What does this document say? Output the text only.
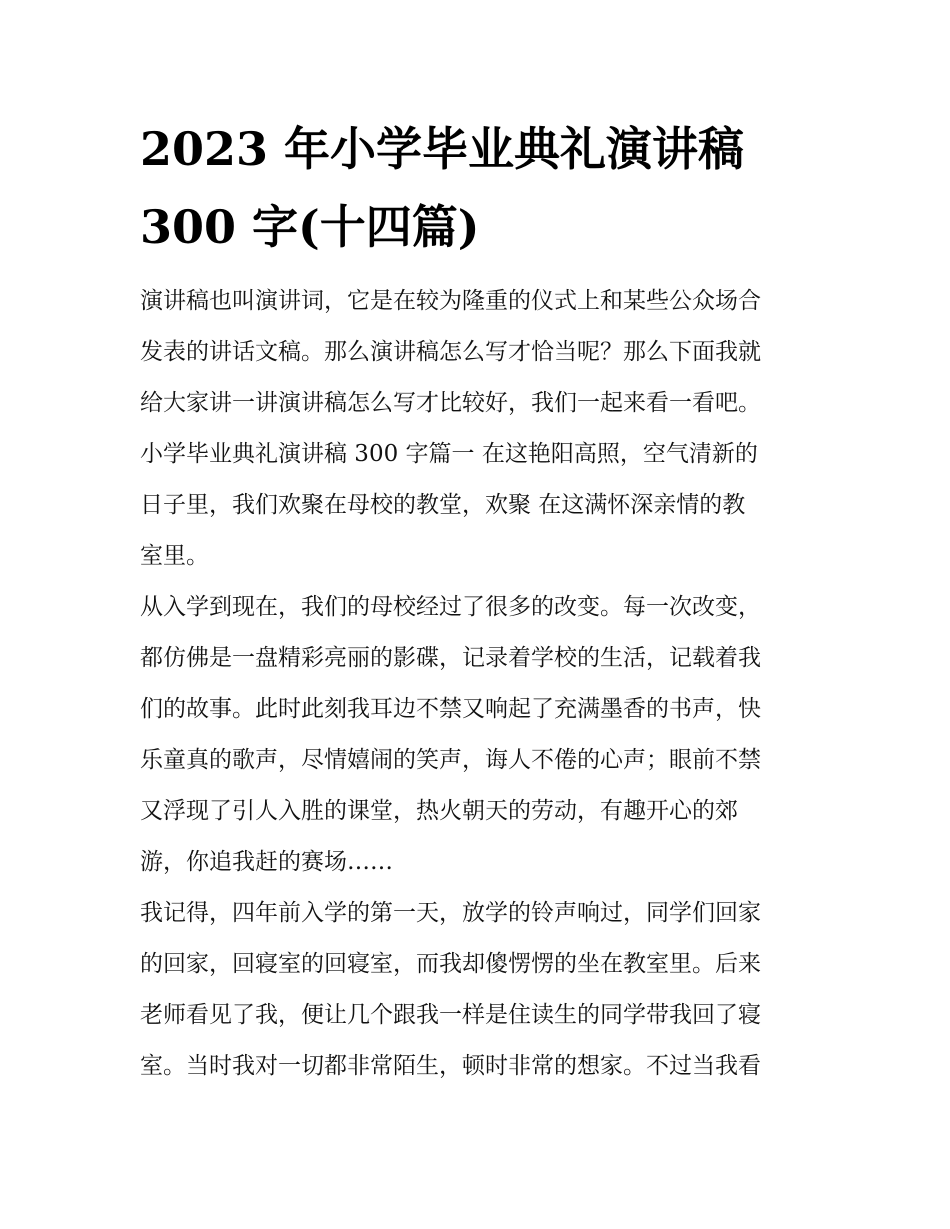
2023 年小学毕业典礼演讲稿
300 字(十四篇)
演讲稿也叫演讲词，它是在较为隆重的仪式上和某些公众场合
发表的讲话文稿。那么演讲稿怎么写才恰当呢？那么下面我就
给大家讲一讲演讲稿怎么写才比较好，我们一起来看一看吧。
小学毕业典礼演讲稿 300 字篇一 在这艳阳高照，空气清新的
日子里，我们欢聚在母校的教堂，欢聚 在这满怀深亲情的教
室里。
从入学到现在，我们的母校经过了很多的改变。每一次改变，
都仿佛是一盘精彩亮丽的影碟，记录着学校的生活，记载着我
们的故事。此时此刻我耳边不禁又响起了充满墨香的书声，快
乐童真的歌声，尽情嬉闹的笑声，诲人不倦的心声；眼前不禁
又浮现了引人入胜的课堂，热火朝天的劳动，有趣开心的郊
游，你追我赶的赛场……
我记得，四年前入学的第一天，放学的铃声响过，同学们回家
的回家，回寝室的回寝室，而我却傻愣愣的坐在教室里。后来
老师看见了我，便让几个跟我一样是住读生的同学带我回了寝
室。当时我对一切都非常陌生，顿时非常的想家。不过当我看
